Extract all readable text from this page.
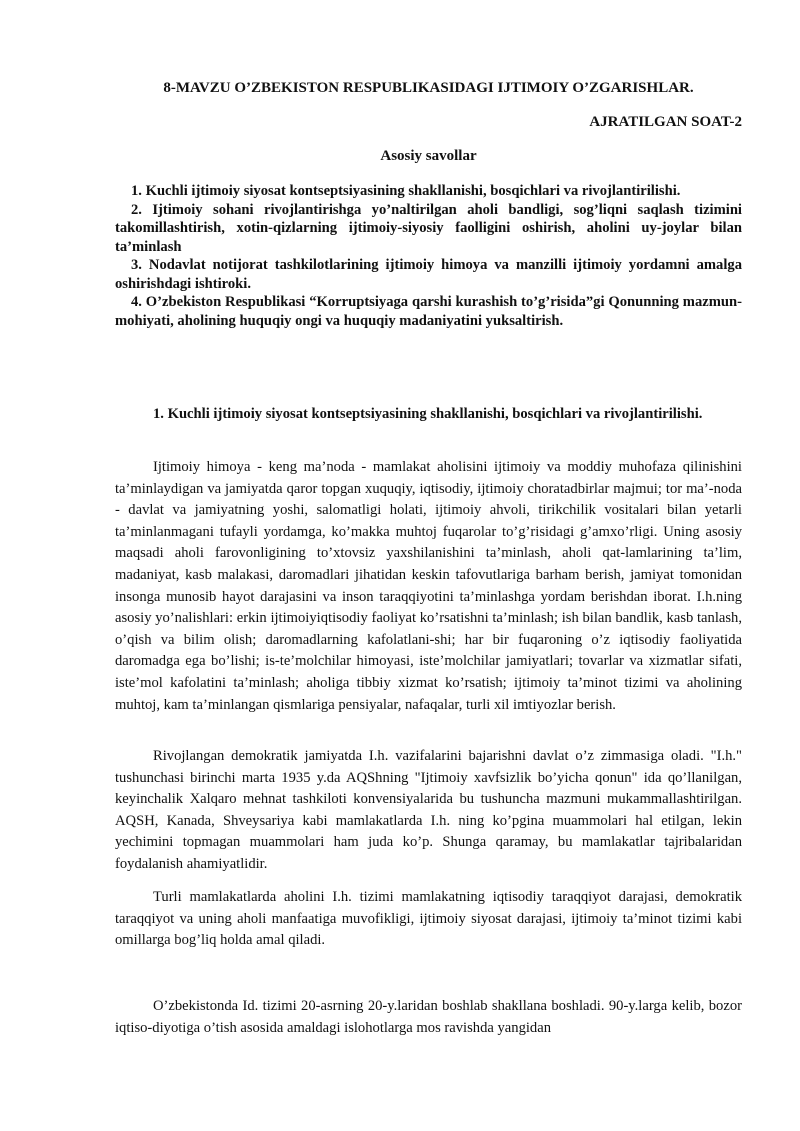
8-MAVZU O’ZBEKISTON RESPUBLIKASIDAGI IJTIMOIY O’ZGARISHLAR.

AJRATILGAN SOAT-2

Asosiy savollar
1. Kuchli ijtimoiy siyosat kontseptsiyasining shakllanishi, bosqichlari va rivojlantirilishi.
2. Ijtimoiy sohani rivojlantirishga yo’naltirilgan aholi bandligi, sog’liqni saqlash tizimini takomillashtirish, xotin-qizlarning ijtimoiy-siyosiy faolligini oshirish, aholini uy-joylar bilan ta’minlash
3. Nodavlat notijorat tashkilotlarining ijtimoiy himoya va manzilli ijtimoiy yordamni amalga oshirishdagi ishtiroki.
4. O’zbekiston Respublikasi “Korruptsiyaga qarshi kurashish to’g’risida”gi Qonunning mazmun-mohiyati, aholining huquqiy ongi va huquqiy madaniyatini yuksaltirish.
1. Kuchli ijtimoiy siyosat kontseptsiyasining shakllanishi, bosqichlari va rivojlantirilishi.

Ijtimoiy himoya - keng ma’noda - mamlakat aholisini ijtimoiy va moddiy muhofaza qilinishini ta’minlaydigan va jamiyatda qaror topgan xuquqiy, iqtisodiy, ijtimoiy choratadbirlar majmui; tor ma’-noda - davlat va jamiyatning yoshi, salomatligi holati, ijtimoiy ahvoli, tirikchilik vositalari bilan yetarli ta’minlanmagani tufayli yordamga, ko’makka muhtoj fuqarolar to’g’risidagi g’amxo’rligi. Uning asosiy maqsadi aholi farovonligining to’xtovsiz yaxshilanishini ta’minlash, aholi qat-lamlarining ta’lim, madaniyat, kasb malakasi, daromadlari jihatidan keskin tafovutlariga barham berish, jamiyat tomonidan insonga munosib hayot darajasini va inson taraqqiyotini ta’minlashga yordam berishdan iborat. I.h.ning asosiy yo’nalishlari: erkin ijtimoiyiqtisodiy faoliyat ko’rsatishni ta’minlash; ish bilan bandlik, kasb tanlash, o’qish va bilim olish; daromadlarning kafolatlani-shi; har bir fuqaroning o’z iqtisodiy faoliyatida daromadga ega bo’lishi; is-te’molchilar himoyasi, iste’molchilar jamiyatlari; tovarlar va xizmatlar sifati, iste’mol kafolatini ta’minlash; aholiga tibbiy xizmat ko’rsatish; ijtimoiy ta’minot tizimi va aholining muhtoj, kam ta’minlangan qismlariga pensiyalar, nafaqalar, turli xil imtiyozlar berish.

Rivojlangan demokratik jamiyatda I.h. vazifalarini bajarishni davlat o’z zimmasiga oladi. "I.h." tushunchasi birinchi marta 1935 y.da AQShning "Ijtimoiy xavfsizlik bo’yicha qonun" ida qo’llanilgan, keyinchalik Xalqaro mehnat tashkiloti konvensiyalarida bu tushuncha mazmuni mukammallashtirilgan. AQSH, Kanada, Shveysariya kabi mamlakatlarda I.h. ning ko’pgina muammolari hal etilgan, lekin yechimini topmagan muammolari ham juda ko’p. Shunga qaramay, bu mamlakatlar tajribalaridan foydalanish ahamiyatlidir.

Turli mamlakatlarda aholini I.h. tizimi mamlakatning iqtisodiy taraqqiyot darajasi, demokratik taraqqiyot va uning aholi manfaatiga muvofikligi, ijtimoiy siyosat darajasi, ijtimoiy ta’minot tizimi kabi omillarga bog’liq holda amal qiladi.

O’zbekistonda Id. tizimi 20-asrning 20-y.laridan boshlab shakllana boshladi. 90-y.larga kelib, bozor iqtiso-diyotiga o’tish asosida amaldagi islohotlarga mos ravishda yangidan
